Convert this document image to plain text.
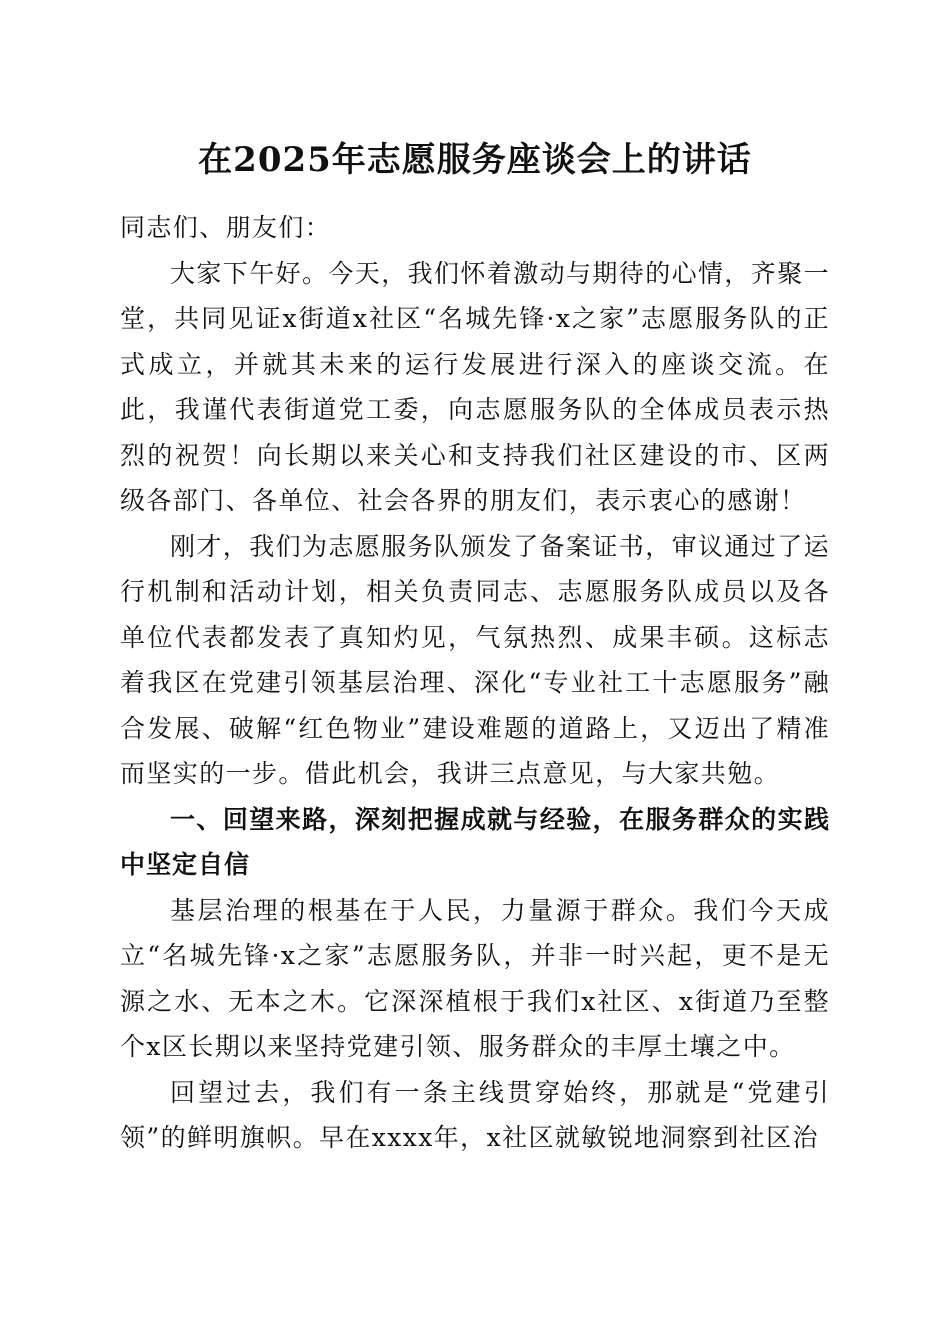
在2025年志愿服务座谈会上的讲话

同志们、朋友们：

大家下午好。今天，我们怀着激动与期待的心情，齐聚一堂，共同见证x街道x社区“名城先锋·x之家”志愿服务队的正式成立，并就其未来的运行发展进行深入的座谈交流。在此，我谨代表街道党工委，向志愿服务队的全体成员表示热烈的祝贺！向长期以来关心和支持我们社区建设的市、区两级各部门、各单位、社会各界的朋友们，表示衷心的感谢！

刚才，我们为志愿服务队颁发了备案证书，审议通过了运行机制和活动计划，相关负责同志、志愿服务队成员以及各单位代表都发表了真知灼见，气氛热烈、成果丰硕。这标志着我区在党建引领基层治理、深化“专业社工十志愿服务”融合发展、破解“红色物业”建设难题的道路上，又迈出了精准而坚实的一步。借此机会，我讲三点意见，与大家共勉。

一、回望来路，深刻把握成就与经验，在服务群众的实践中坚定自信

基层治理的根基在于人民，力量源于群众。我们今天成立“名城先锋·x之家”志愿服务队，并非一时兴起，更不是无源之水、无本之木。它深深植根于我们x社区、x街道乃至整个x区长期以来坚持党建引领、服务群众的丰厚土壤之中。

回望过去，我们有一条主线贯穿始终，那就是“党建引领”的鲜明旗帜。早在xxxx年，x社区就敏锐地洞察到社区治
